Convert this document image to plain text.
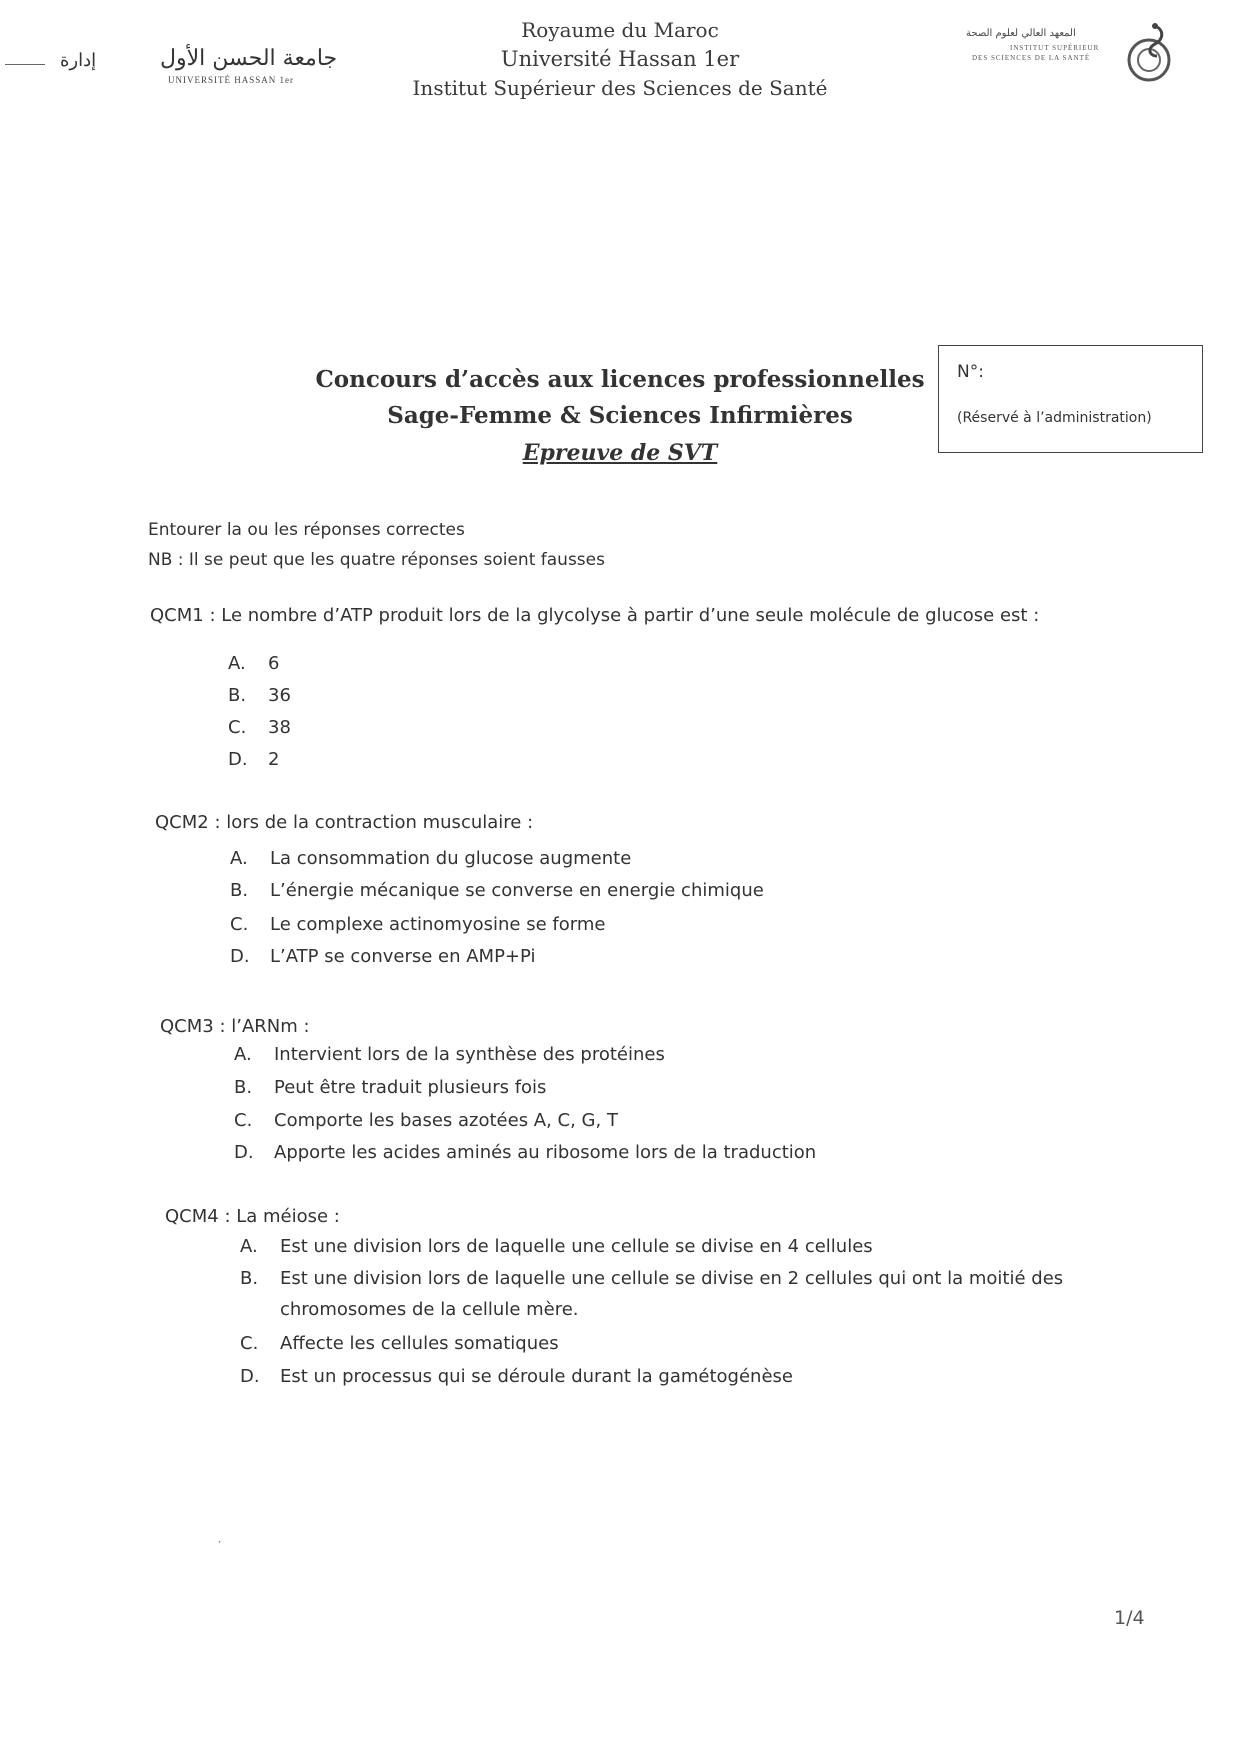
إدارة	جامعة الحسن الأول
UNIVERSITÉ HASSAN 1er
Royaume du Maroc
Université Hassan 1er
Institut Supérieur des Sciences de Santé
المعهد العالي لعلوم الصحة
INSTITUT SUPÉRIEUR
DES SCIENCES DE LA SANTÉ
Concours d’accès aux licences professionnelles
Sage-Femme & Sciences Infirmières
Epreuve de SVT
N°:
(Réservé à l’administration)
Entourer la ou les réponses correctes
NB : Il se peut que les quatre réponses soient fausses
QCM1 : Le nombre d’ATP produit lors de la glycolyse à partir d’une seule molécule de glucose est :
A. 6
B. 36
C. 38
D. 2
QCM2 : lors de la contraction musculaire :
A. La consommation du glucose augmente
B. L’énergie mécanique se converse en energie chimique
C. Le complexe actinomyosine se forme
D. L’ATP se converse en AMP+Pi
QCM3 : l’ARNm :
A. Intervient lors de la synthèse des protéines
B. Peut être traduit plusieurs fois
C. Comporte les bases azotées A, C, G, T
D. Apporte les acides aminés au ribosome lors de la traduction
QCM4 : La méiose :
A. Est une division lors de laquelle une cellule se divise en 4 cellules
B. Est une division lors de laquelle une cellule se divise en 2 cellules qui ont la moitié des
chromosomes de la cellule mère.
C. Affecte les cellules somatiques
D. Est un processus qui se déroule durant la gamétogénèse
˙
1/4
